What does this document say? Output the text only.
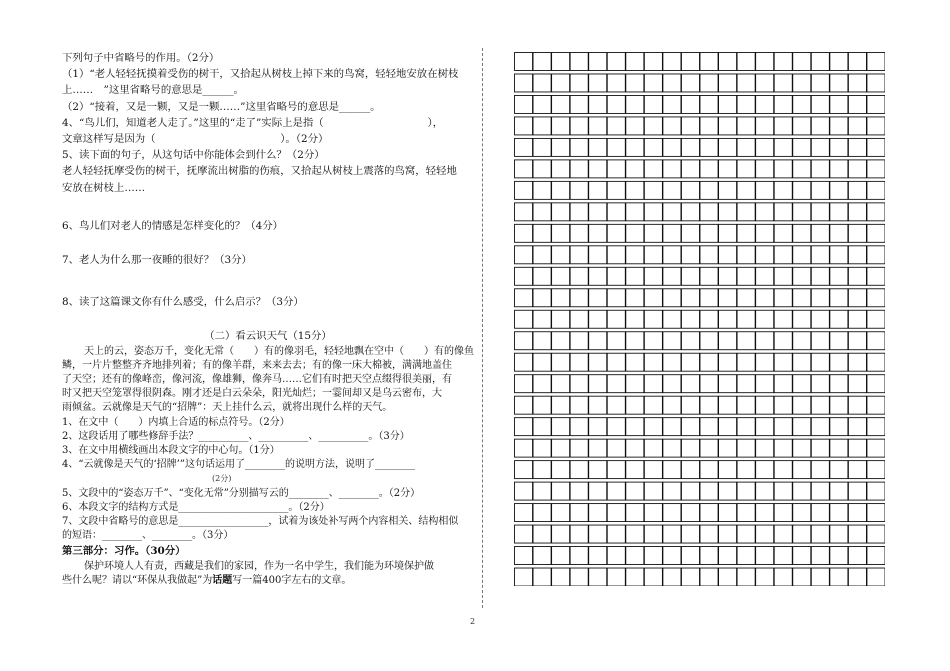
下列句子中省略号的作用。（2分）
（1）“老人轻轻抚摸着受伤的树干，又拾起从树枝上掉下来的鸟窝，轻轻地安放在树枝
上……　”这里省略号的意思是______。
（2）“接着，又是一颗，又是一颗……”这里省略号的意思是______。
4、“鸟儿们，知道老人走了。”这里的“走了”实际上是指（　　　　　　　　　　），
文章这样写是因为（　　　　　　　　　　　　）。（2分）
5、读下面的句子，从这句话中你能体会到什么？（2分）
老人轻轻抚摩受伤的树干，抚摩流出树脂的伤痕，又拾起从树枝上震落的鸟窝，轻轻地
安放在树枝上……
6、鸟儿们对老人的情感是怎样变化的？（4分）
7、老人为什么那一夜睡的很好？（3分）
8、读了这篇课文你有什么感受，什么启示？（3分）
（二）看云识天气（15分）
天上的云，姿态万千，变化无常（　　）有的像羽毛，轻轻地飘在空中（　　）有的像鱼
鳞，一片片整整齐齐地排列着；有的像羊群，来来去去；有的像一床大棉被，满满地盖住
了天空；还有的像峰峦，像河流，像雄狮，像奔马……它们有时把天空点缀得很美丽，有
时又把天空笼罩得很阴森。刚才还是白云朵朵，阳光灿烂；一霎间却又是乌云密布，大
雨倾盆。云就像是天气的“招牌”：天上挂什么云，就将出现什么样的天气。
1、在文中（　　）内填上合适的标点符号。（2分）
2、这段话用了哪些修辞手法？__________、__________、__________。（3分）
3、在文中用横线画出本段文字的中心句。（1分）
4、“云就像是天气的‘招牌’”这句话运用了________的说明方法，说明了________
(2分)
5、文段中的“姿态万千”、“变化无常”分别描写云的________、________。（2分）
6、本段文字的结构方式是______________________。（2分）
7、文段中省略号的意思是__________________，试着为该处补写两个内容相关、结构相似
的短语：________、________。（3分）
第三部分：习作。（30分）
保护环境人人有责，西藏是我们的家园，作为一名中学生，我们能为环境保护做
些什么呢？请以“环保从我做起”为话题写一篇400字左右的文章。
2
